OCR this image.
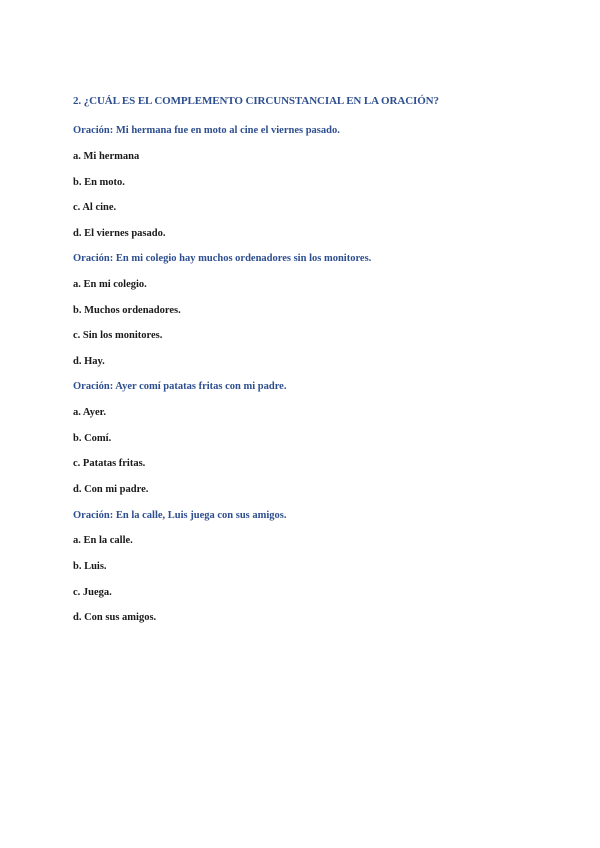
2. ¿CUÁL ES EL COMPLEMENTO CIRCUNSTANCIAL EN LA ORACIÓN?
Oración: Mi hermana fue en moto al cine el viernes pasado.
a. Mi hermana
b. En moto.
c. Al cine.
d. El viernes pasado.
Oración: En mi colegio hay muchos ordenadores sin los monitores.
a. En mi colegio.
b. Muchos ordenadores.
c. Sin los monitores.
d. Hay.
Oración: Ayer comí patatas fritas con mi padre.
a. Ayer.
b. Comí.
c. Patatas fritas.
d. Con mi padre.
Oración: En la calle, Luis juega con sus amigos.
a. En la calle.
b. Luis.
c. Juega.
d. Con sus amigos.
